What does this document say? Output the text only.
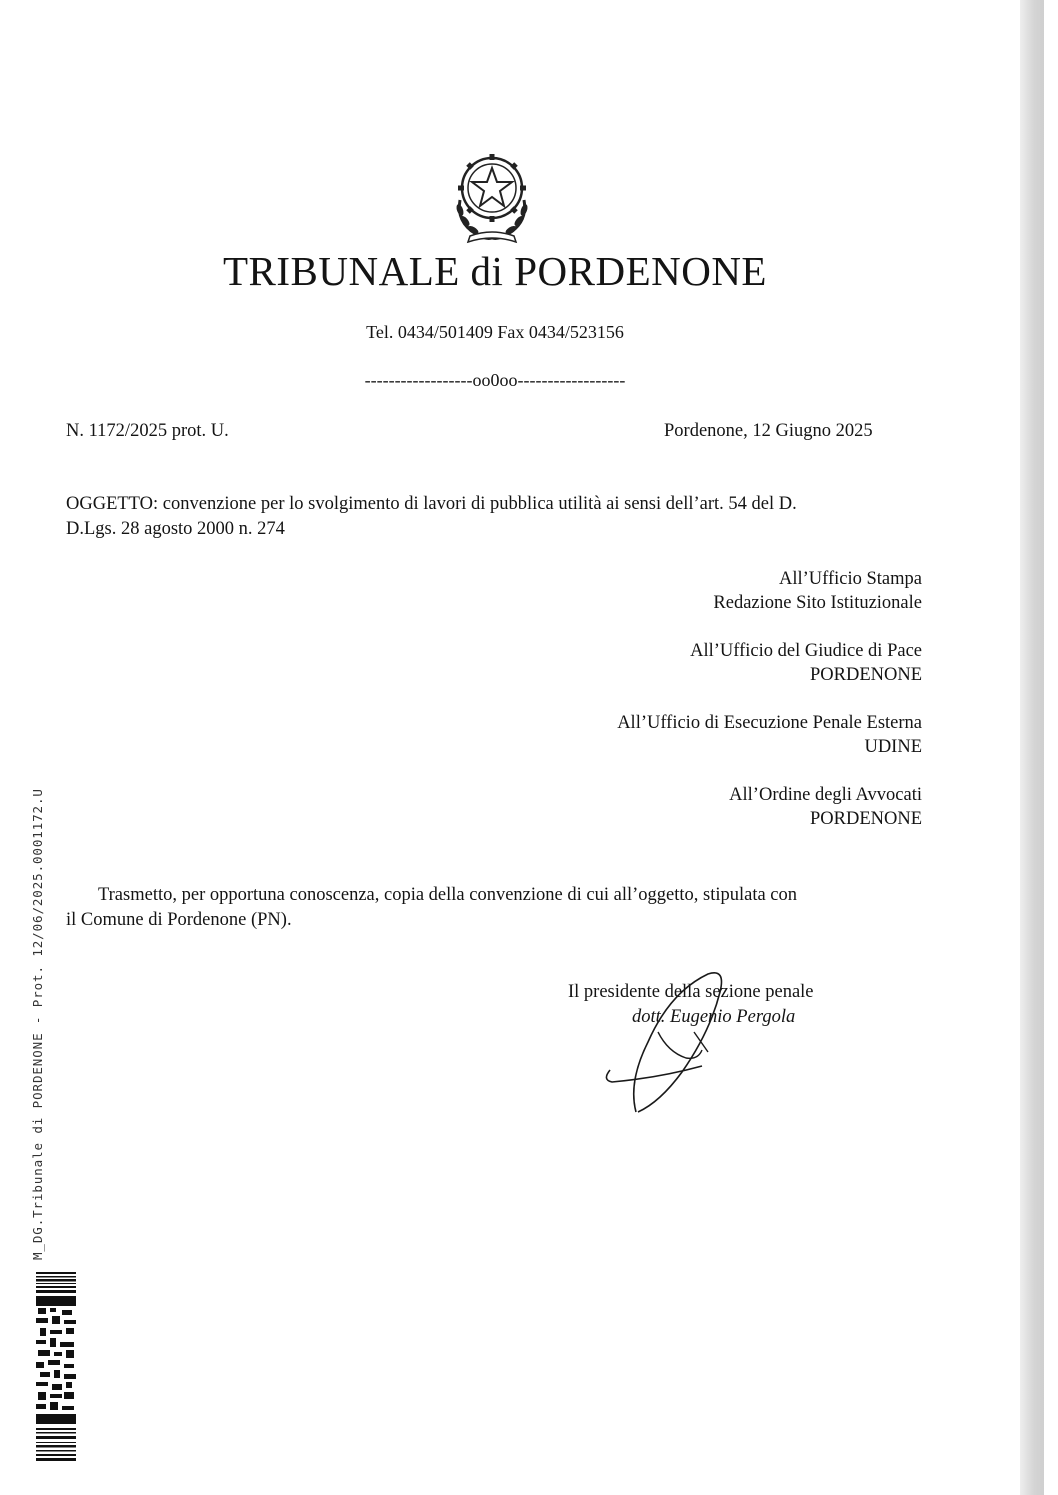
TRIBUNALE di PORDENONE
Tel. 0434/501409 Fax 0434/523156
------------------oo0oo------------------
N. 1172/2025 prot. U.	Pordenone, 12 Giugno 2025
OGGETTO: convenzione per lo svolgimento di lavori di pubblica utilità ai sensi dell’art. 54 del D.
D.Lgs. 28 agosto 2000 n. 274
All’Ufficio Stampa
Redazione Sito Istituzionale
All’Ufficio del Giudice di Pace
PORDENONE
All’Ufficio di Esecuzione Penale Esterna
UDINE
All’Ordine degli Avvocati
PORDENONE
Trasmetto, per opportuna conoscenza, copia della convenzione di cui all’oggetto, stipulata con
il Comune di Pordenone (PN).
Il presidente della sezione penale
dott. Eugenio Pergola
M_DG.Tribunale di PORDENONE - Prot. 12/06/2025.0001172.U
